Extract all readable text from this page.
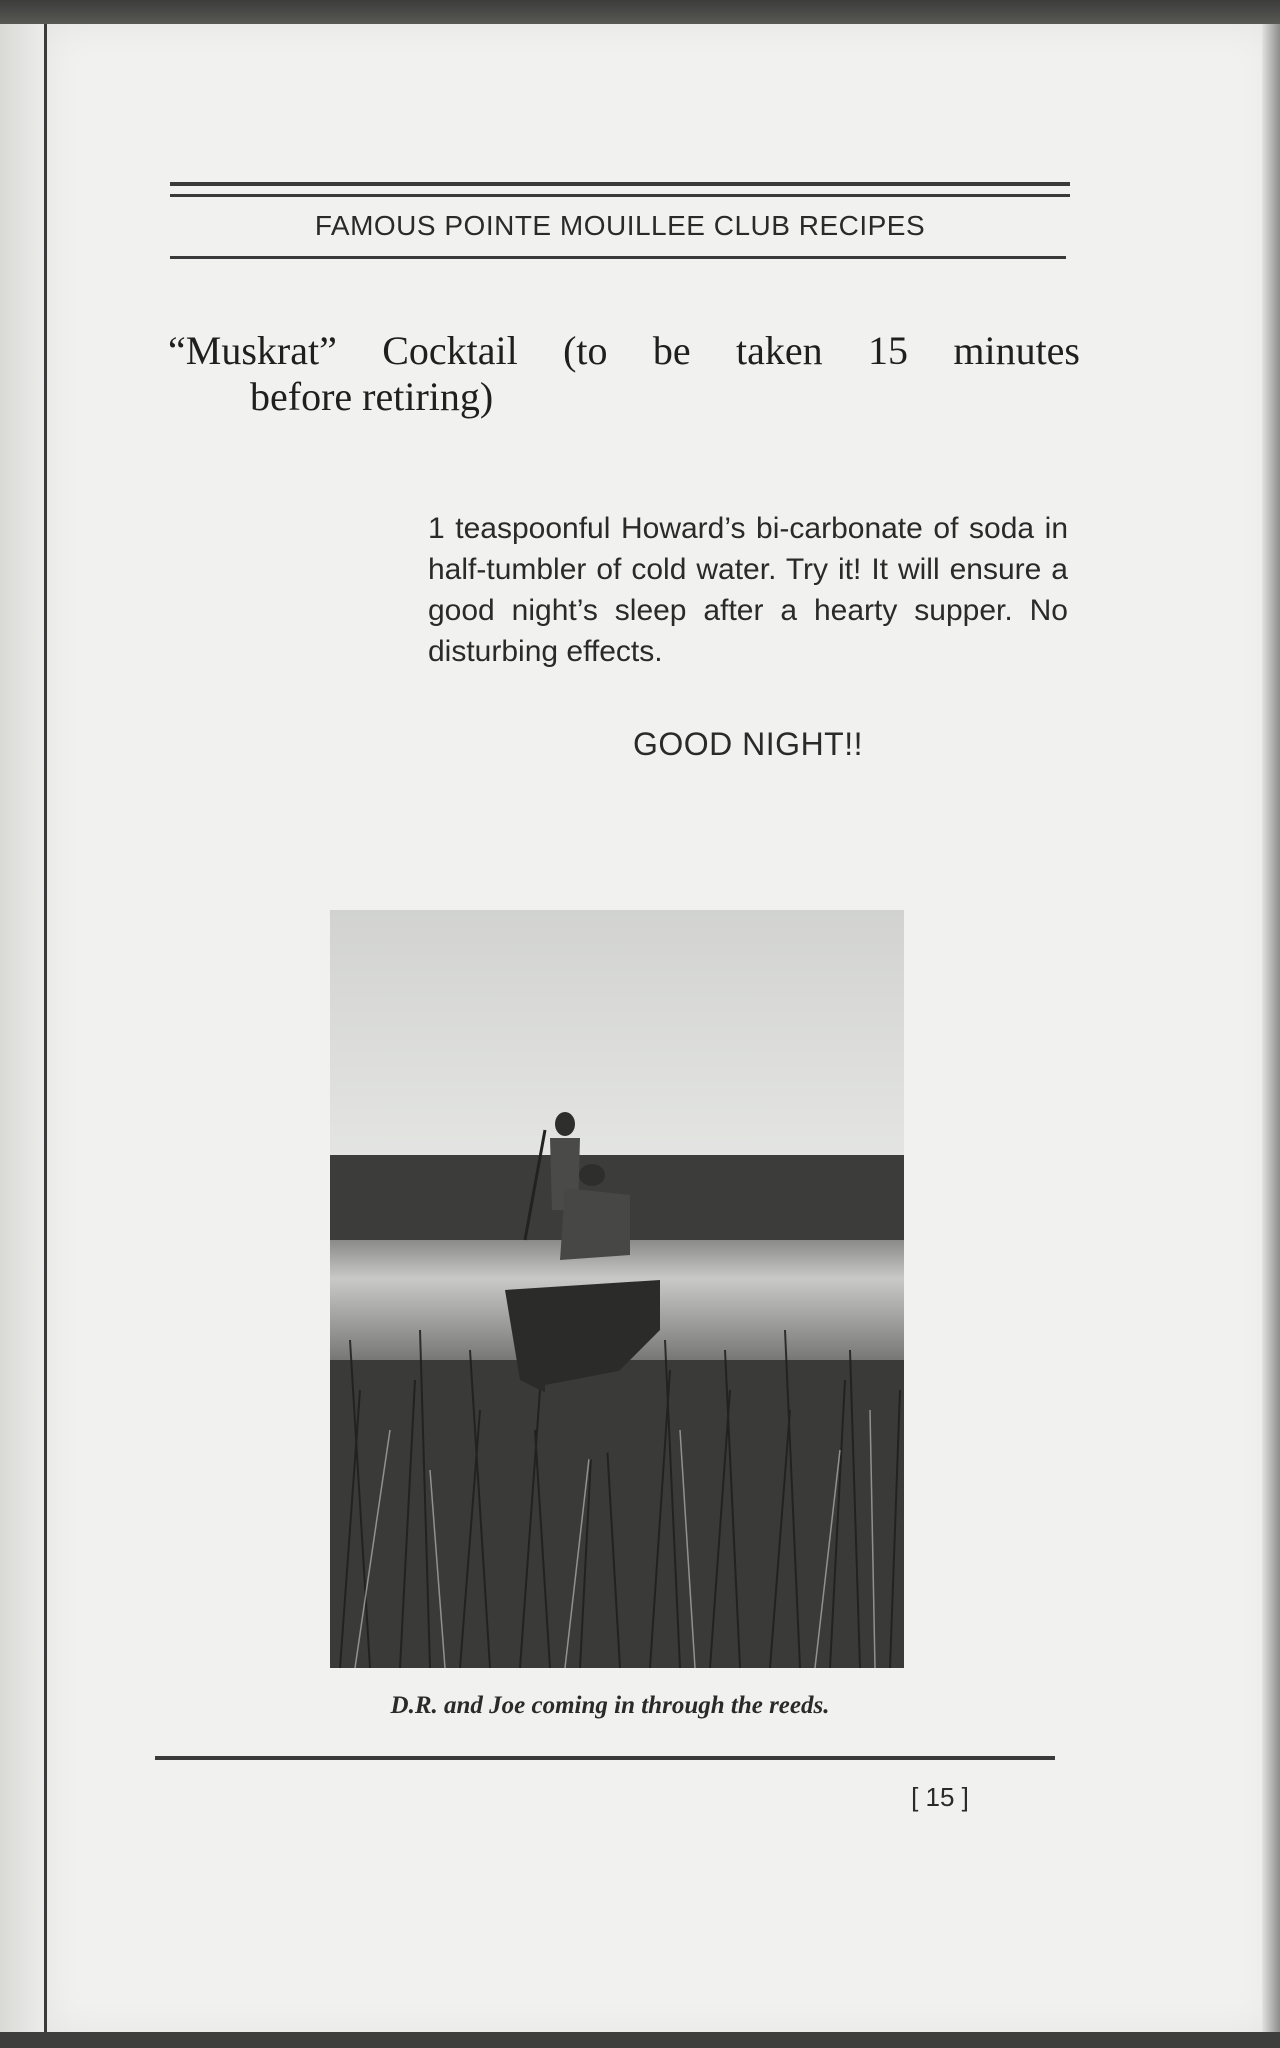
FAMOUS POINTE MOUILLEE CLUB RECIPES
“Muskrat” Cocktail (to be taken 15 minutes
before retiring)
1 teaspoonful Howard’s bi-carbonate of soda in half-tumbler of cold water. Try it! It will ensure a good night’s sleep after a hearty supper. No disturbing effects.
GOOD NIGHT!!
D.R. and Joe coming in through the reeds.
[ 15 ]
